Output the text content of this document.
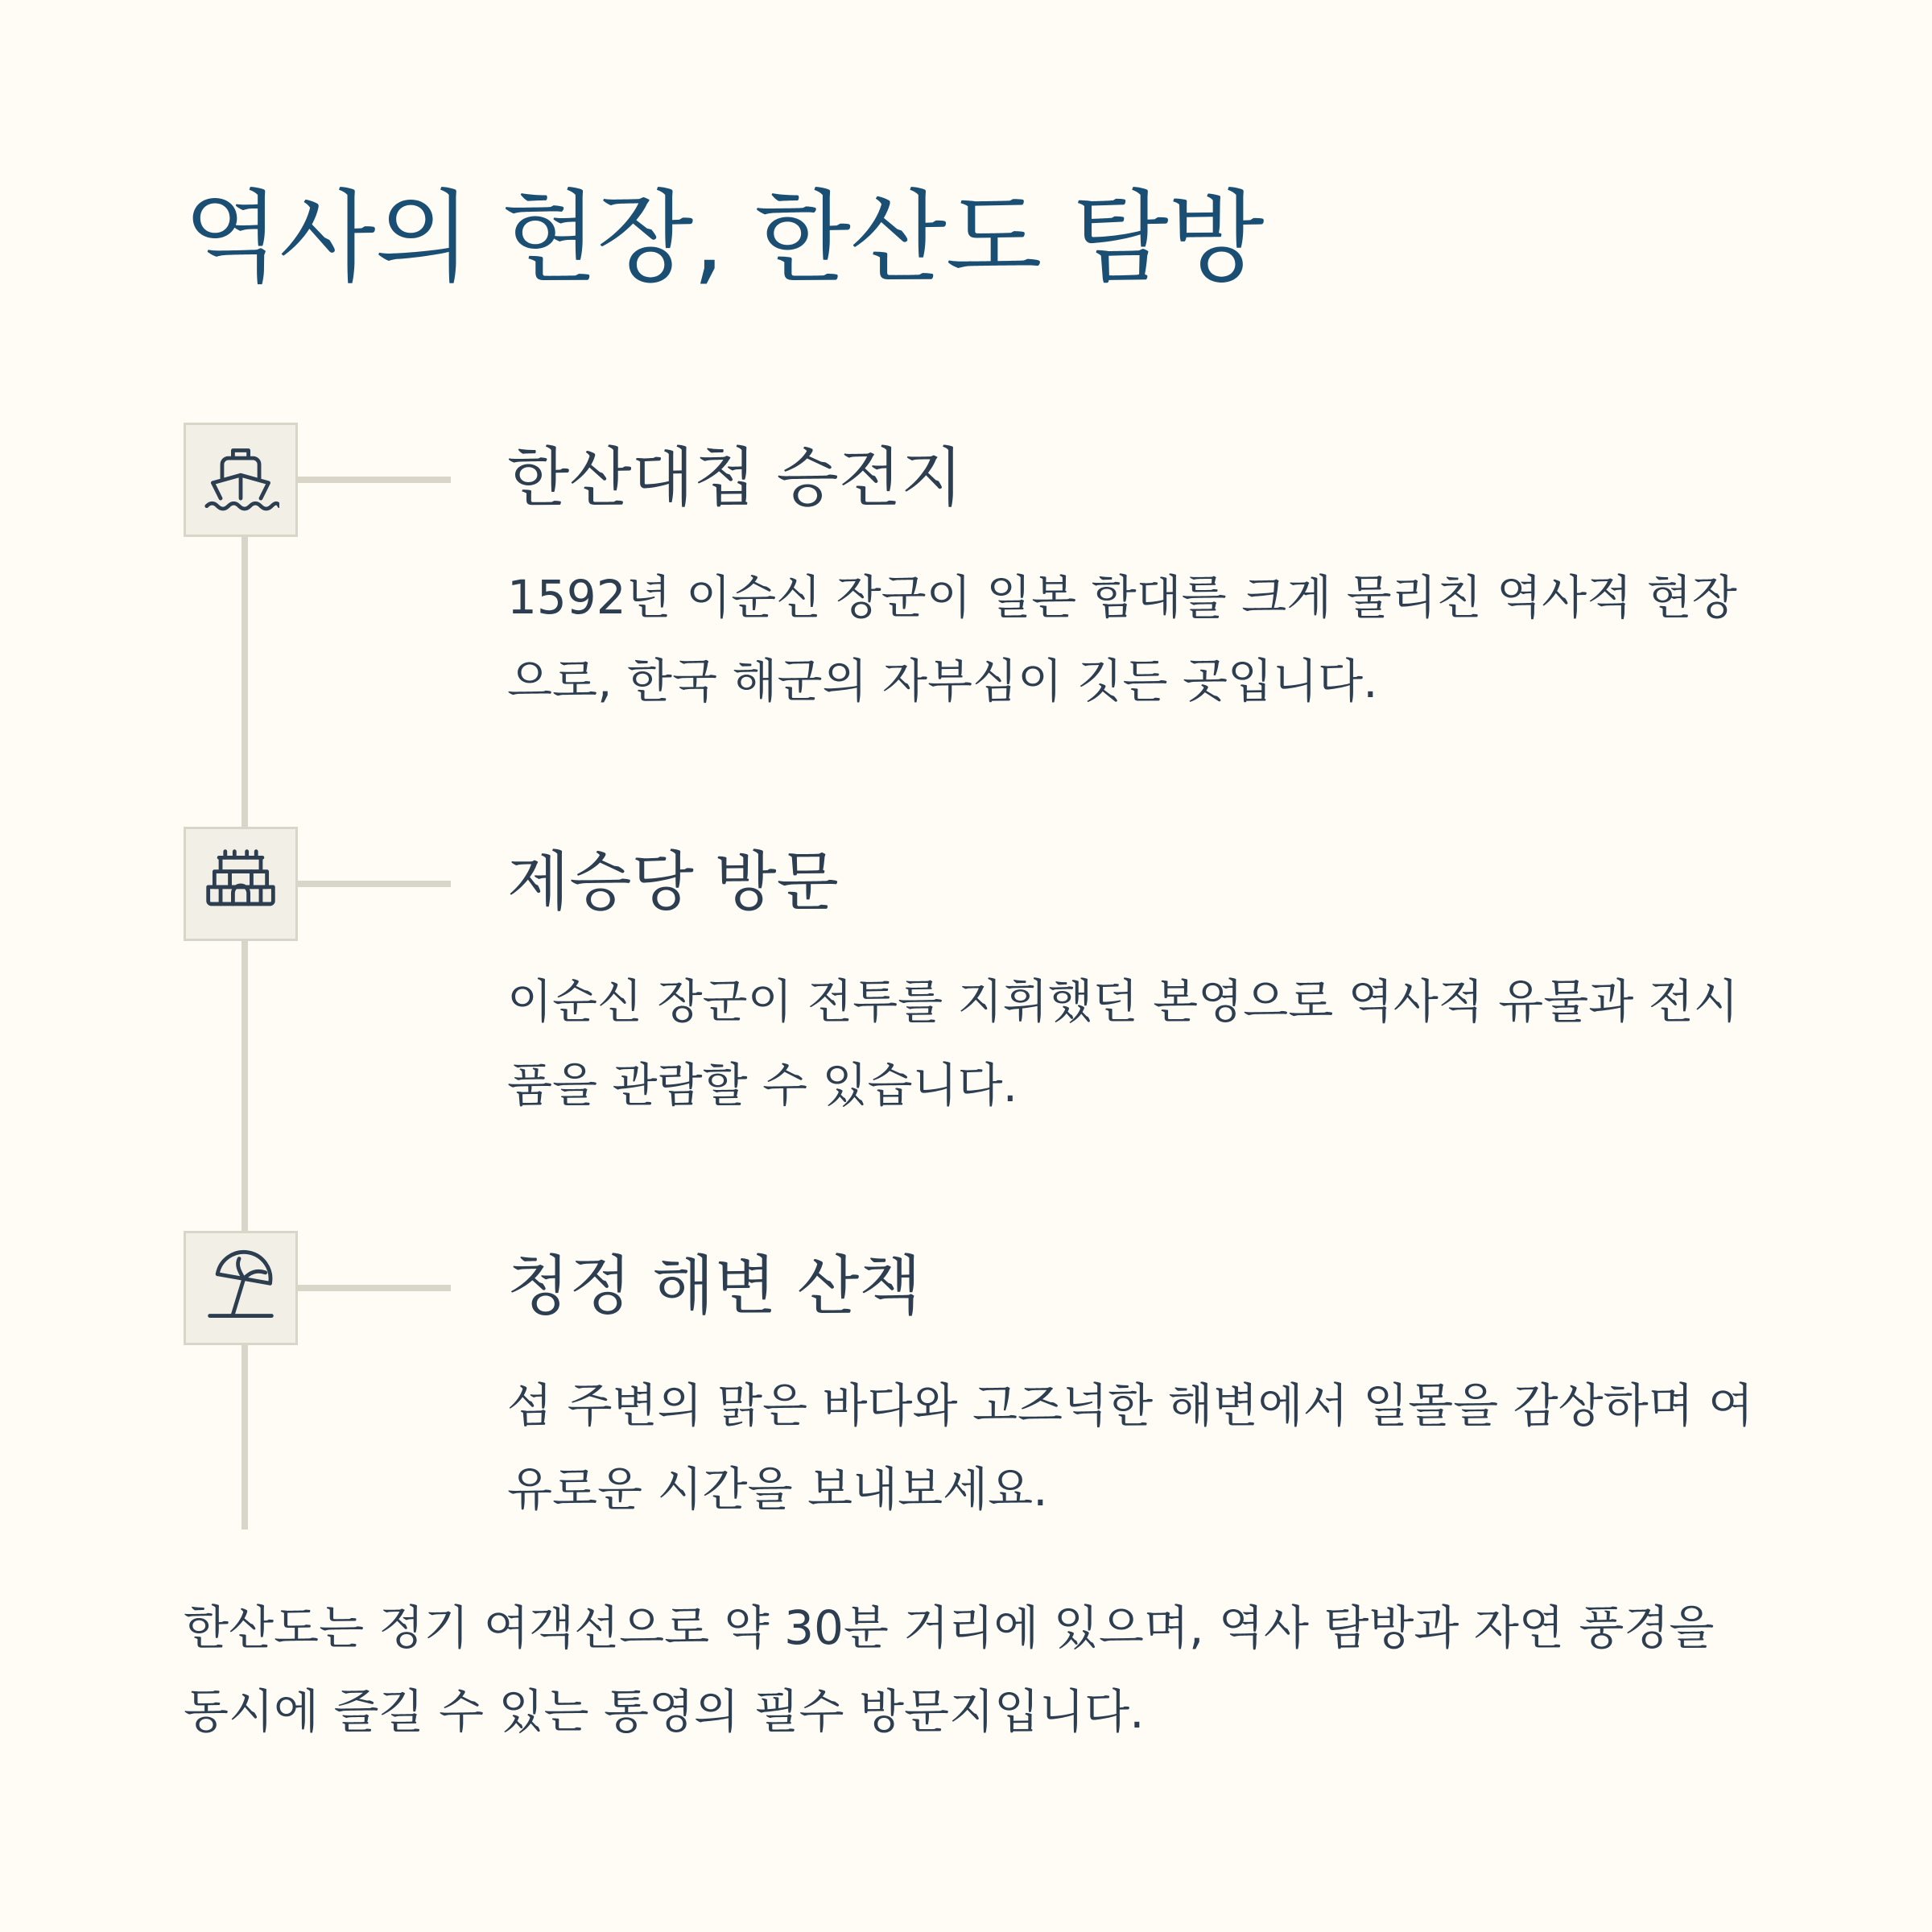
역사의 현장, 한산도 탐방
한산대첩 승전지

1592년 이순신 장군이 일본 함대를 크게 물리친 역사적 현장으로, 한국 해군의 자부심이 깃든 곳입니다.

제승당 방문

이순신 장군이 전투를 지휘했던 본영으로 역사적 유물과 전시품을 관람할 수 있습니다.

청정 해변 산책

섬 주변의 맑은 바다와 고즈넉한 해변에서 일몰을 감상하며 여유로운 시간을 보내보세요.

한산도는 정기 여객선으로 약 30분 거리에 있으며, 역사 탐방과 자연 풍경을 동시에 즐길 수 있는 통영의 필수 방문지입니다.
